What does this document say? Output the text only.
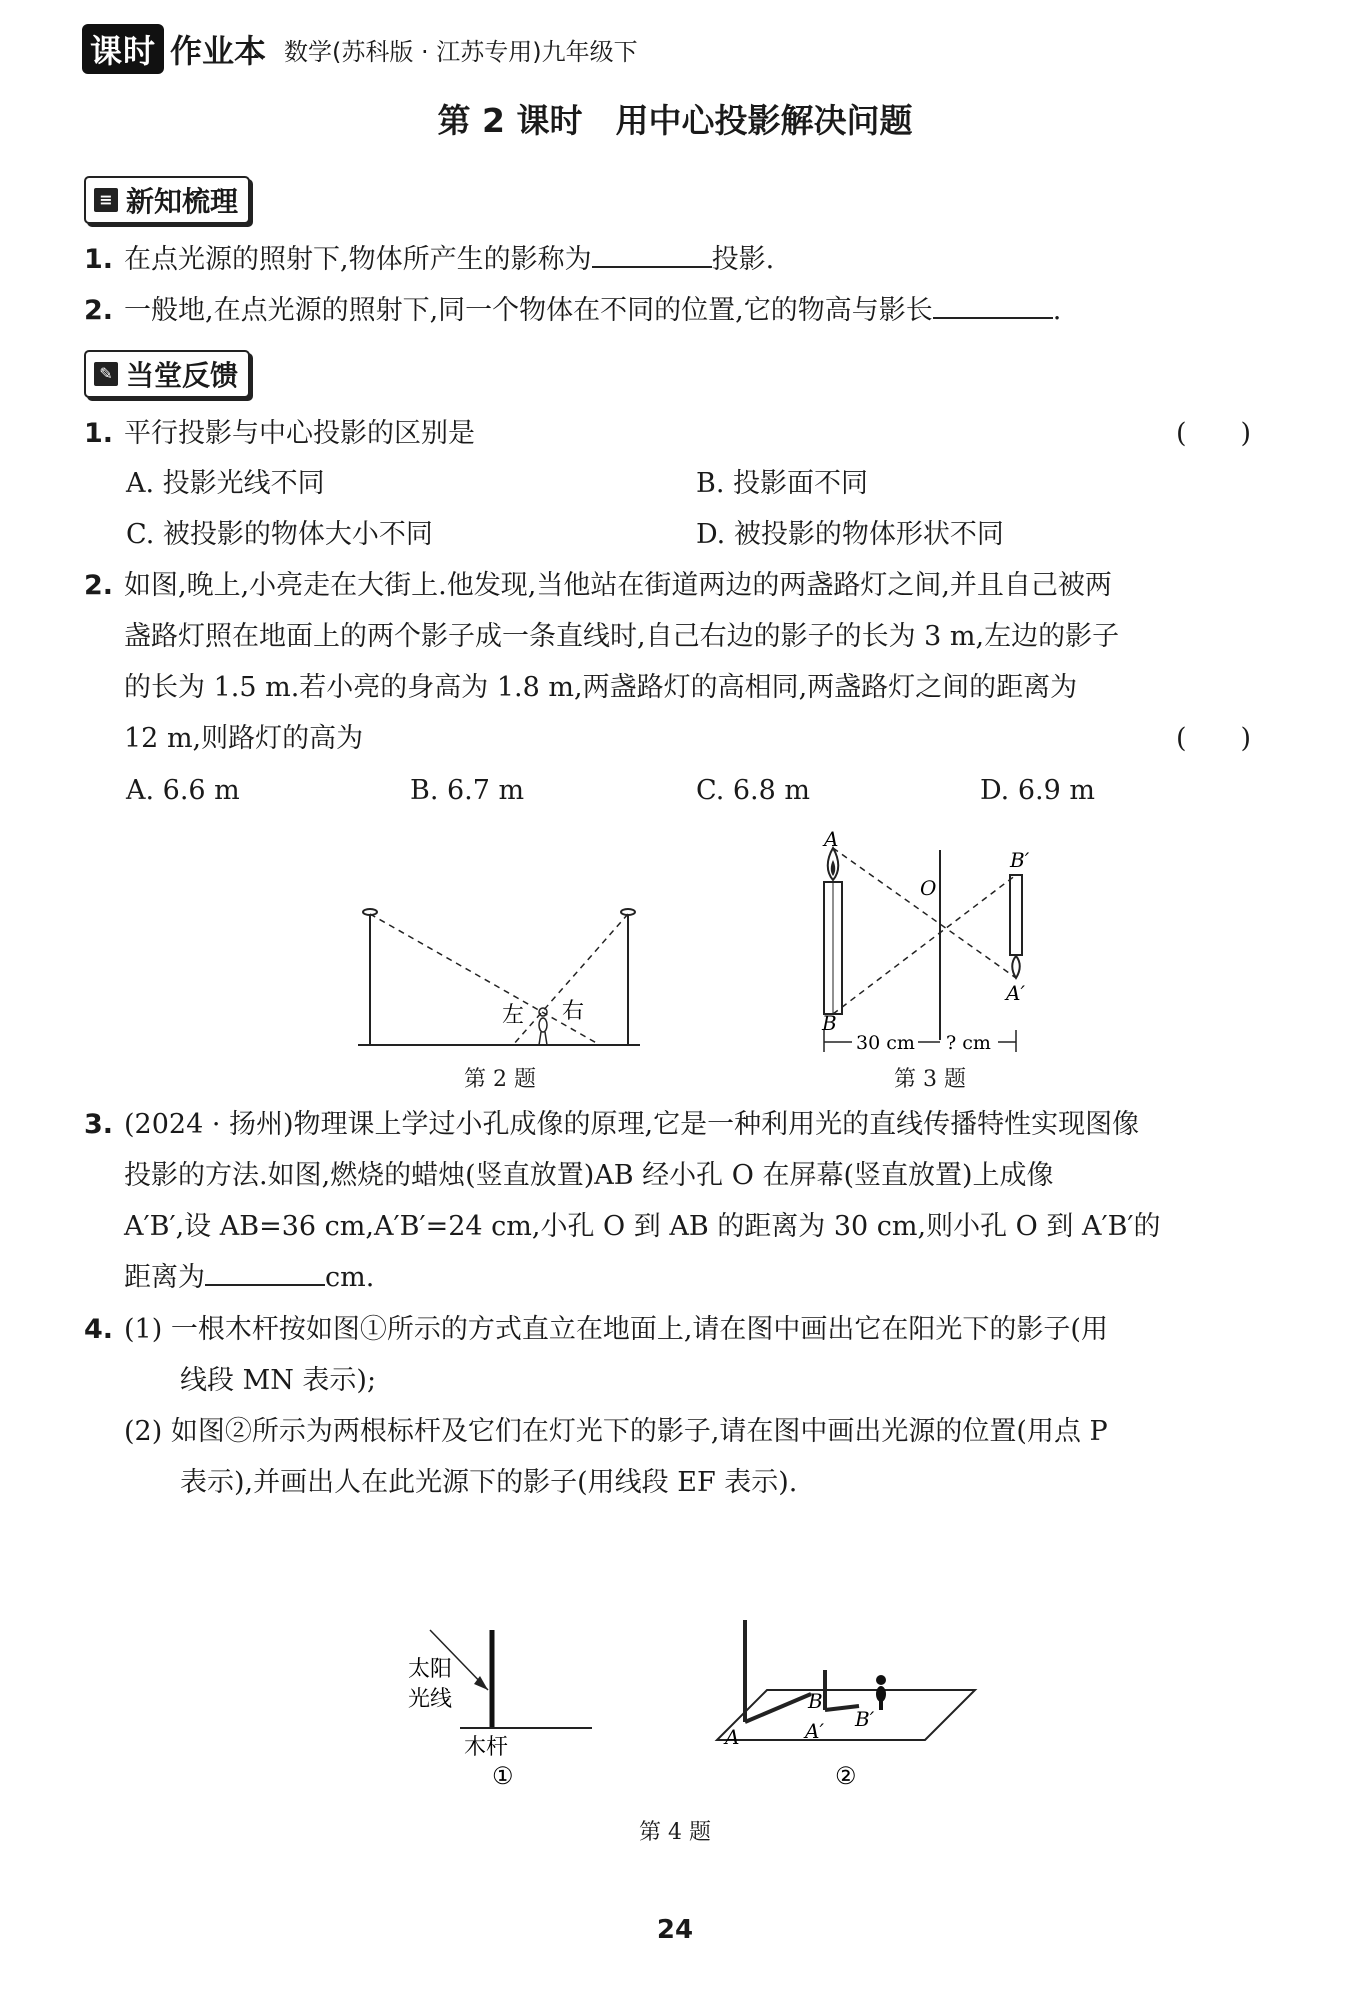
课时 作业本 数学(苏科版 · 江苏专用)九年级下
第 2 课时　用中心投影解决问题
≡ 新知梳理
1. 在点光源的照射下,物体所产生的影称为	投影.
2. 一般地,在点光源的照射下,同一个物体在不同的位置,它的物高与影长	.
✎ 当堂反馈
1. 平行投影与中心投影的区别是	(　　)
A. 投影光线不同	B. 投影面不同
C. 被投影的物体大小不同	D. 被投影的物体形状不同
2. 如图,晚上,小亮走在大街上.他发现,当他站在街道两边的两盏路灯之间,并且自己被两
盏路灯照在地面上的两个影子成一条直线时,自己右边的影子的长为 3 m,左边的影子
的长为 1.5 m.若小亮的身高为 1.8 m,两盏路灯的高相同,两盏路灯之间的距离为
12 m,则路灯的高为	(　　)
A. 6.6 m	B. 6.7 m	C. 6.8 m	D. 6.9 m
左 右
第 2 题
A
B
O
B′
A′
30 cm ? cm
第 3 题
3. (2024 · 扬州)物理课上学过小孔成像的原理,它是一种利用光的直线传播特性实现图像
投影的方法.如图,燃烧的蜡烛(竖直放置)AB 经小孔 O 在屏幕(竖直放置)上成像
A′B′,设 AB=36 cm,A′B′=24 cm,小孔 O 到 AB 的距离为 30 cm,则小孔 O 到 A′B′的
距离为	cm.
4. (1) 一根木杆按如图①所示的方式直立在地面上,请在图中画出它在阳光下的影子(用
线段 MN 表示);
(2) 如图②所示为两根标杆及它们在灯光下的影子,请在图中画出光源的位置(用点 P
表示),并画出人在此光源下的影子(用线段 EF 表示).
太阳
光线
木杆
①
A	A′
B
B′
②
第 4 题
24
